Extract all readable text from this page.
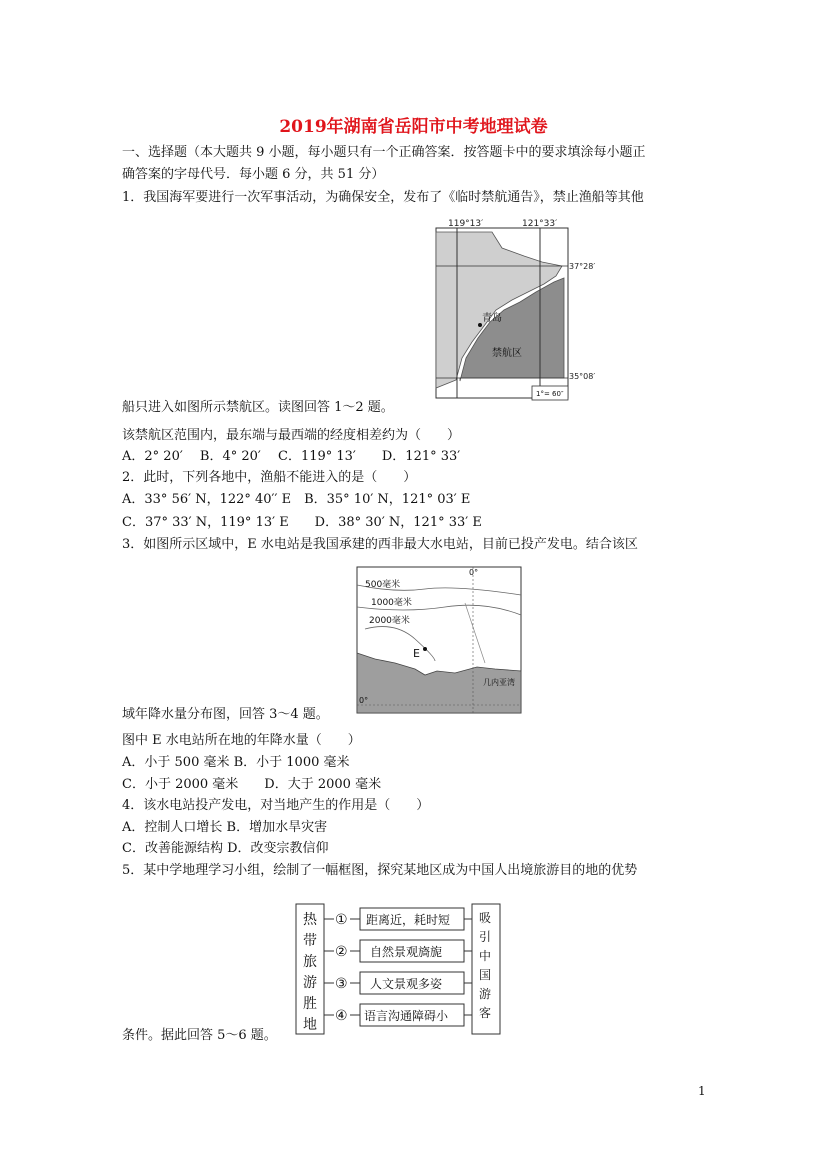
2019年湖南省岳阳市中考地理试卷
一、选择题（本大题共 9 小题，每小题只有一个正确答案．按答题卡中的要求填涂每小题正
确答案的字母代号．每小题 6 分，共 51 分）
1．我国海军要进行一次军事活动，为确保安全，发布了《临时禁航通告》，禁止渔船等其他
119°13′	121°33′
37°28′
35°08′
青岛
禁航区
1°= 60″
船只进入如图所示禁航区。读图回答 1～2 题。
该禁航区范围内，最东端与最西端的经度相差约为（　　）
A．2° 20′　 B．4° 20′　 C．119° 13′　　D．121° 33′
2．此时，下列各地中，渔船不能进入的是（　　）
A．33° 56′ N，122° 40′′ E　B．35° 10′ N，121° 03′ E
C．37° 33′ N，119° 13′ E　　D．38° 30′ N，121° 33′ E
3．如图所示区域中，E 水电站是我国承建的西非最大水电站，目前已投产发电。结合该区
500毫米
1000毫米
2000毫米
E
几内亚湾
0°
0°
域年降水量分布图，回答 3～4 题。
图中 E 水电站所在地的年降水量（　　）
A．小于 500 毫米 B．小于 1000 毫米
C．小于 2000 毫米　　D．大于 2000 毫米
4．该水电站投产发电，对当地产生的作用是（　　）
A．控制人口增长 B．增加水旱灾害
C．改善能源结构 D．改变宗教信仰
5．某中学地理学习小组，绘制了一幅框图，探究某地区成为中国人出境旅游目的地的优势
热
带
旅
游
胜
地
吸
引
中
国
游
客
①
②
③
④
距离近，耗时短
自然景观旖旎
人文景观多姿
语言沟通障碍小
条件。据此回答 5～6 题。
1
